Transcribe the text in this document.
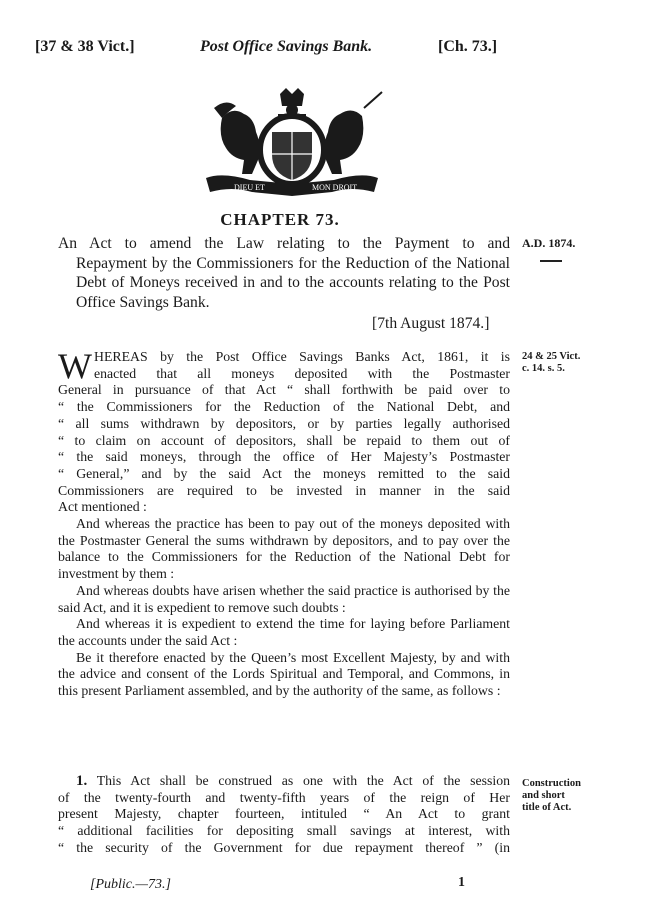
[37 & 38 Vict.]	Post Office Savings Bank.	[Ch. 73.]
DIEU ET	MON DROIT
CHAPTER 73.
An Act to amend the Law relating to the Payment to and
Repayment by the Commissioners for the Reduction of the National Debt of Moneys received in and to the accounts relating to the Post Office Savings Bank.
[7th August 1874.]
A.D. 1874.
24 & 25 Vict.
c. 14. s. 5.
Construction
and short
title of Act.
W HEREAS by the Post Office Savings Banks Act, 1861, it is
enacted that all moneys deposited with the Postmaster
General in pursuance of that Act “ shall forthwith be paid over to
“ the Commissioners for the Reduction of the National Debt, and
“ all sums withdrawn by depositors, or by parties legally authorised
“ to claim on account of depositors, shall be repaid to them out of
“ the said moneys, through the office of Her Majesty’s Postmaster
“ General,” and by the said Act the moneys remitted to the said
Commissioners are required to be invested in manner in the said
Act mentioned :

And whereas the practice has been to pay out of the moneys deposited with the Postmaster General the sums withdrawn by depositors, and to pay over the balance to the Commissioners for the Reduction of the National Debt for investment by them :

And whereas doubts have arisen whether the said practice is authorised by the said Act, and it is expedient to remove such doubts :

And whereas it is expedient to extend the time for laying before Parliament the accounts under the said Act :

Be it therefore enacted by the Queen’s most Excellent Majesty, by and with the advice and consent of the Lords Spiritual and Temporal, and Commons, in this present Parliament assembled, and by the authority of the same, as follows :

1. This Act shall be construed as one with the Act of the session
of the twenty-fourth and twenty-fifth years of the reign of Her
present Majesty, chapter fourteen, intituled “ An Act to grant
“ additional facilities for depositing small savings at interest, with
“ the security of the Government for due repayment thereof ” (in
[Public.—73.]	1
